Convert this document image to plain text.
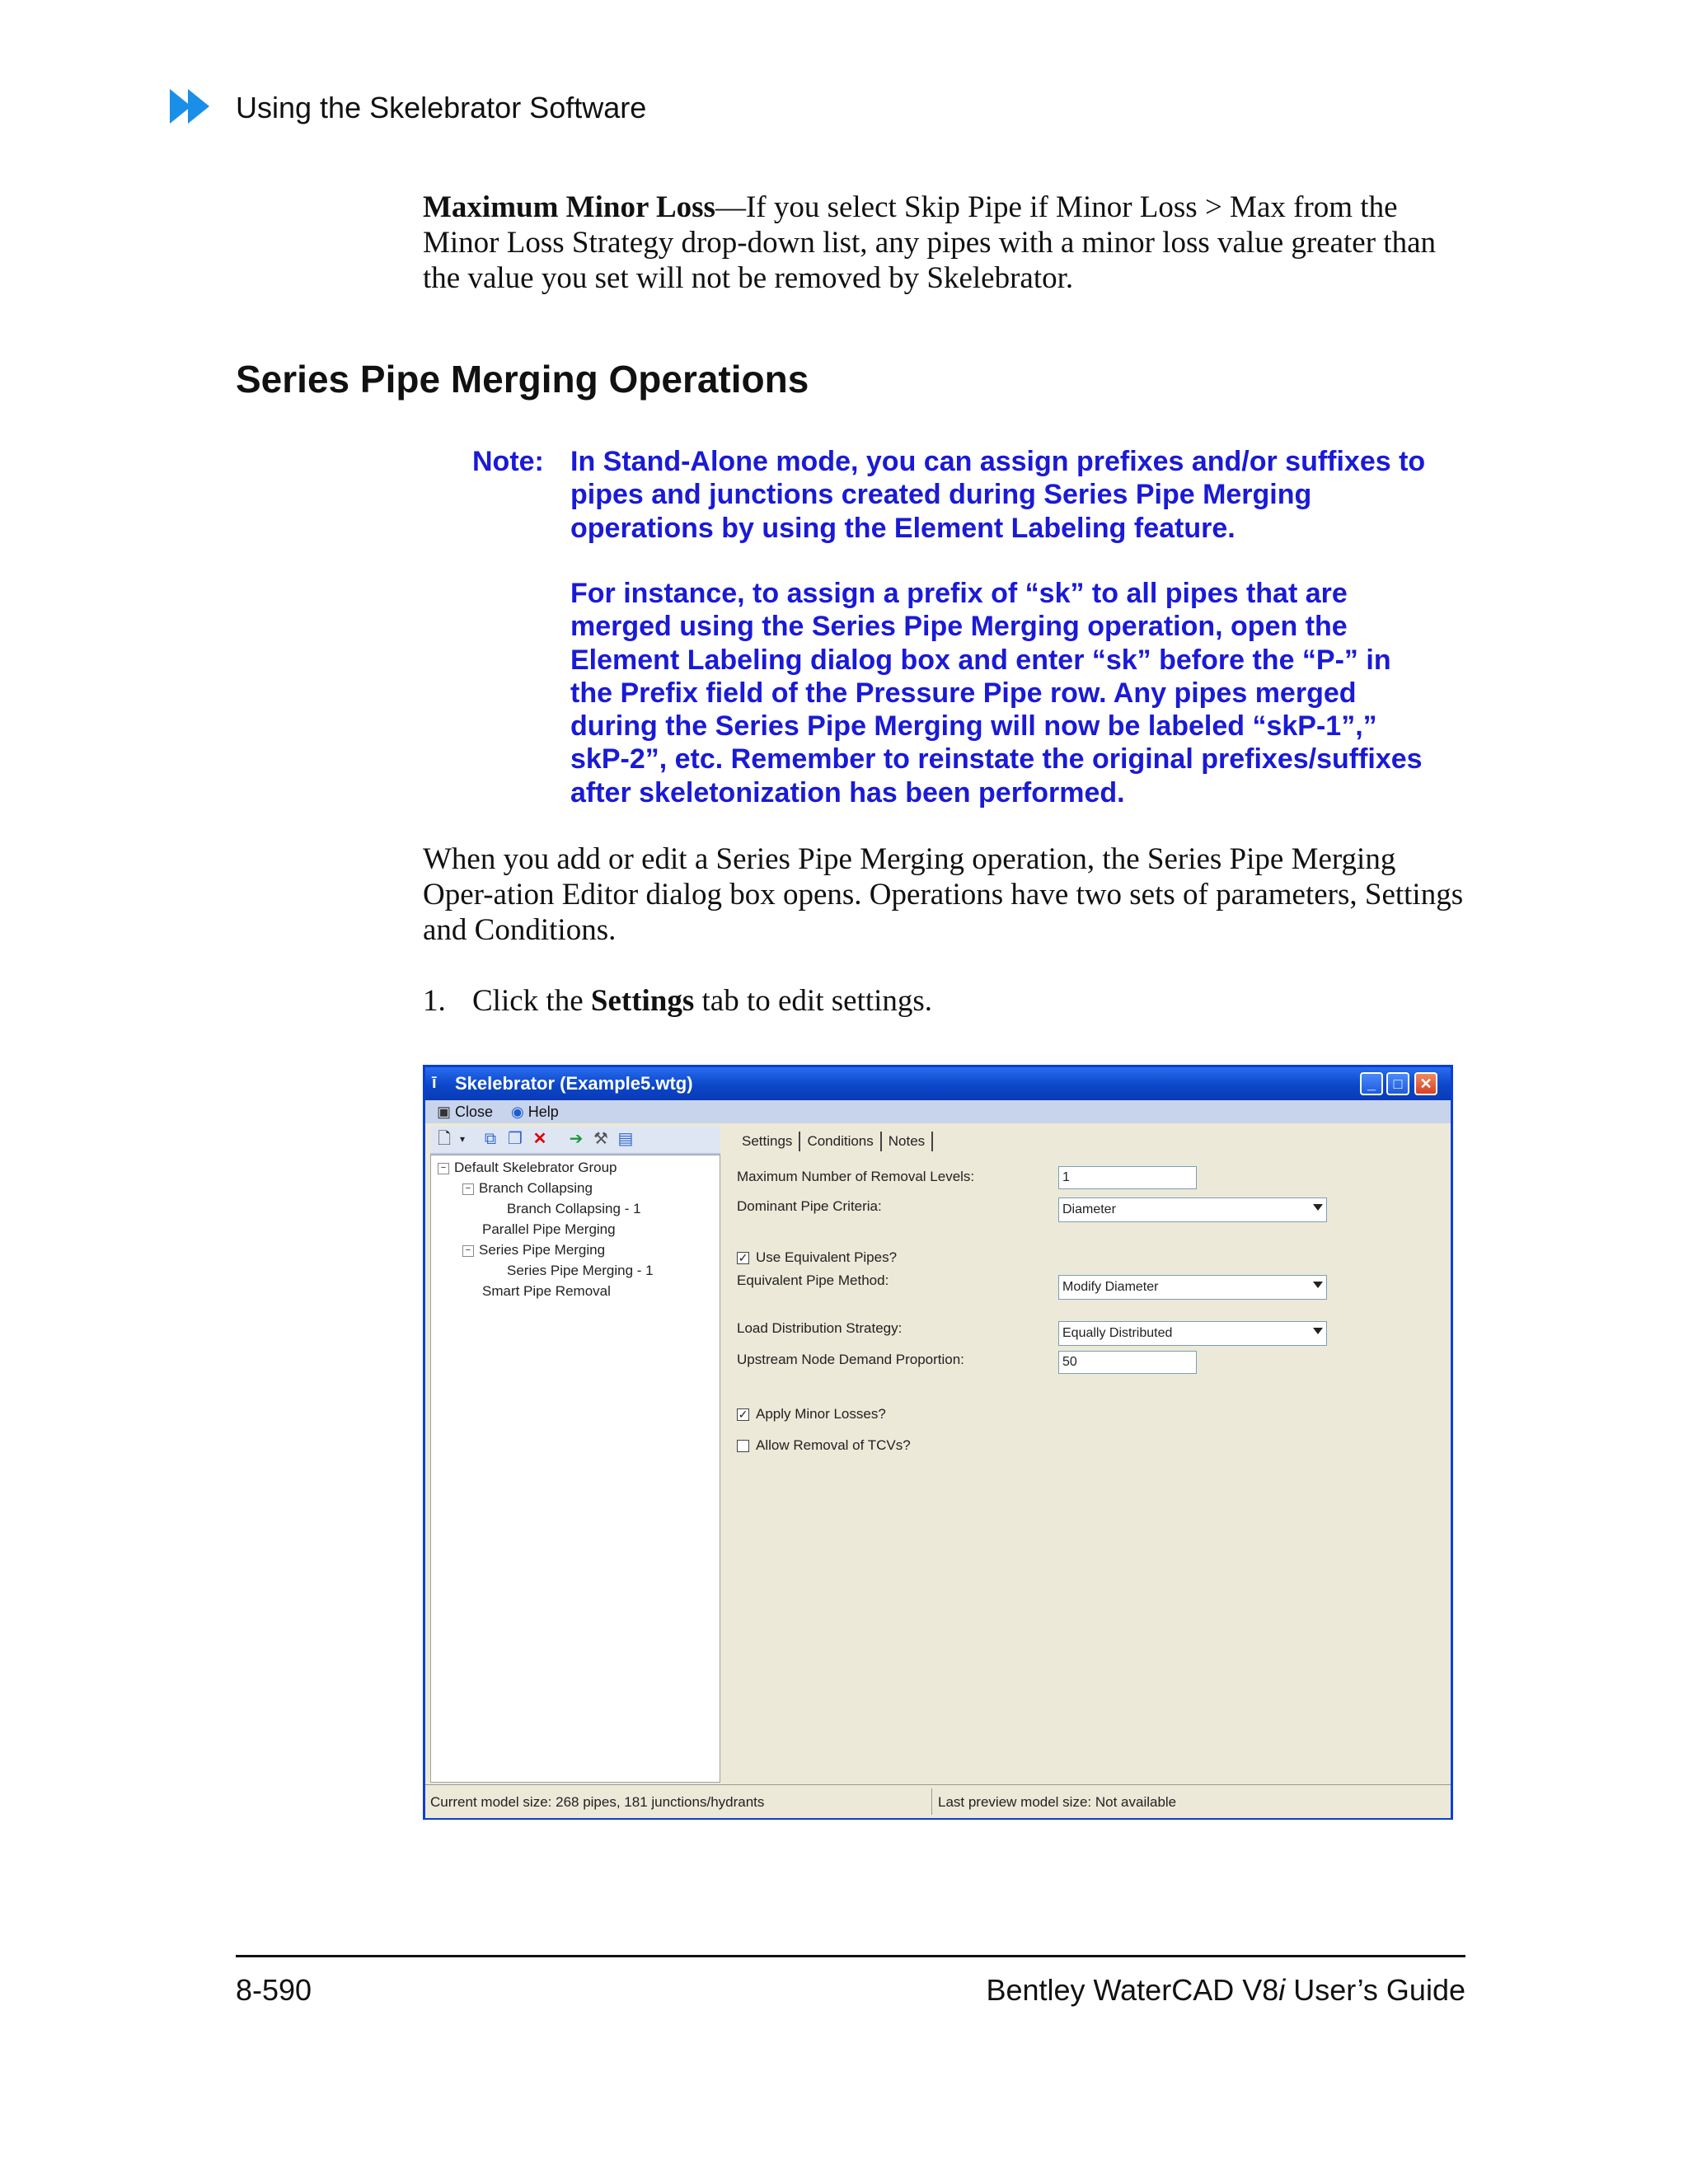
Using the Skelebrator Software
Maximum Minor Loss—If you select Skip Pipe if Minor Loss > Max from the Minor Loss Strategy drop-down list, any pipes with a minor loss value greater than the value you set will not be removed by Skelebrator.
Series Pipe Merging Operations
Note: In Stand-Alone mode, you can assign prefixes and/or suffixes to pipes and junctions created during Series Pipe Merging operations by using the Element Labeling feature.
For instance, to assign a prefix of “sk” to all pipes that are merged using the Series Pipe Merging operation, open the Element Labeling dialog box and enter “sk” before the “P-” in the Prefix field of the Pressure Pipe row. Any pipes merged during the Series Pipe Merging will now be labeled “skP-1”,” skP-2”, etc. Remember to reinstate the original prefixes/suffixes after skeletonization has been performed.
When you add or edit a Series Pipe Merging operation, the Series Pipe Merging Oper-ation Editor dialog box opens. Operations have two sets of parameters, Settings and Conditions.
1. Click the Settings tab to edit settings.
ī	Skelebrator (Example5.wtg)	_	□	✕
▣ Close ◉ Help
🗋 ▾	⧉ ❐ ✕ ➔ ⚒ ▤
− Default Skelebrator Group
− Branch Collapsing
Branch Collapsing - 1
Parallel Pipe Merging
− Series Pipe Merging
Series Pipe Merging - 1
Smart Pipe Removal
Settings Conditions Notes
Maximum Number of Removal Levels:	1
Dominant Pipe Criteria:	Diameter
✓ Use Equivalent Pipes?
Equivalent Pipe Method:	Modify Diameter
Load Distribution Strategy:	Equally Distributed
Upstream Node Demand Proportion:	50
✓ Apply Minor Losses?
Allow Removal of TCVs?
Current model size: 268 pipes, 181 junctions/hydrants	Last preview model size: Not available
8-590	Bentley WaterCAD V8i User’s Guide
